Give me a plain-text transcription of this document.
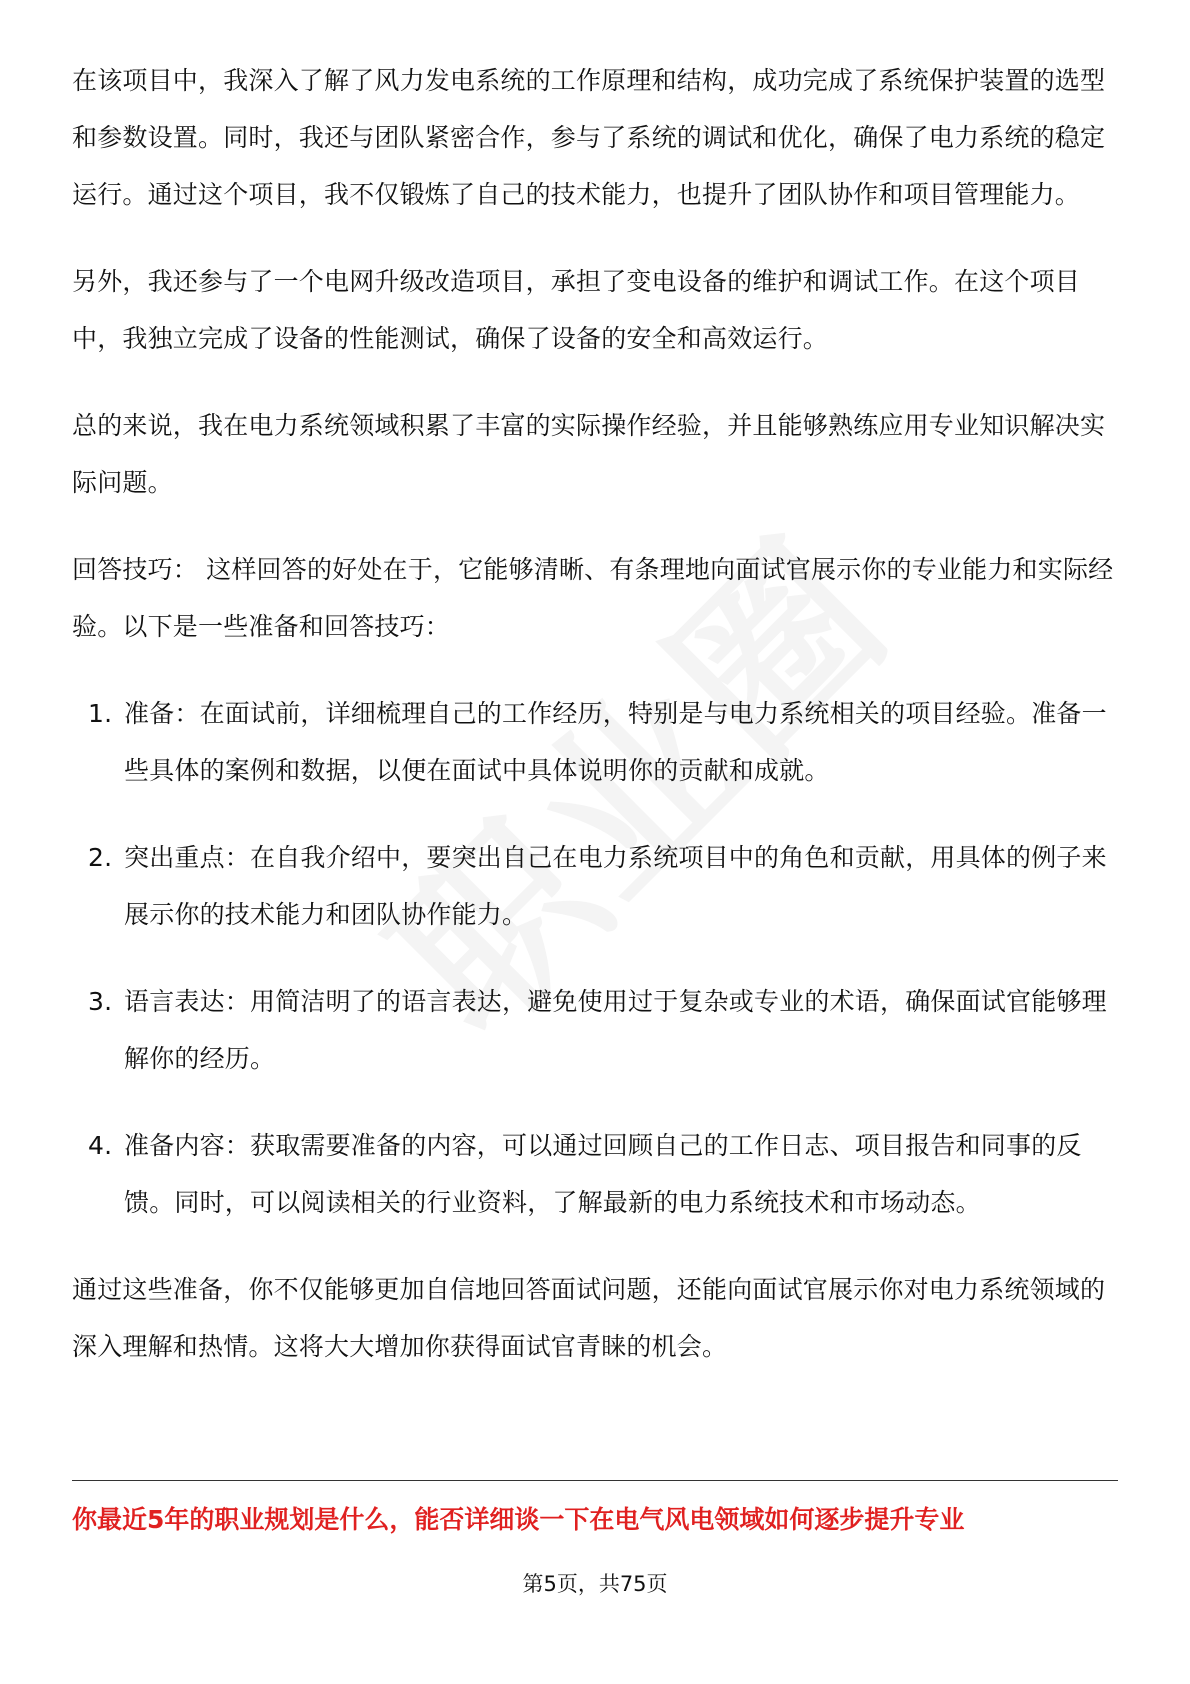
在该项目中，我深入了解了风力发电系统的工作原理和结构，成功完成了系统保护装置的选型和参数设置。同时，我还与团队紧密合作，参与了系统的调试和优化，确保了电力系统的稳定运行。通过这个项目，我不仅锻炼了自己的技术能力，也提升了团队协作和项目管理能力。

另外，我还参与了一个电网升级改造项目，承担了变电设备的维护和调试工作。在这个项目中，我独立完成了设备的性能测试，确保了设备的安全和高效运行。

总的来说，我在电力系统领域积累了丰富的实际操作经验，并且能够熟练应用专业知识解决实际问题。

回答技巧： 这样回答的好处在于，它能够清晰、有条理地向面试官展示你的专业能力和实际经验。以下是一些准备和回答技巧：

1. 准备：在面试前，详细梳理自己的工作经历，特别是与电力系统相关的项目经验。准备一些具体的案例和数据，以便在面试中具体说明你的贡献和成就。
2. 突出重点：在自我介绍中，要突出自己在电力系统项目中的角色和贡献，用具体的例子来展示你的技术能力和团队协作能力。
3. 语言表达：用简洁明了的语言表达，避免使用过于复杂或专业的术语，确保面试官能够理解你的经历。
4. 准备内容：获取需要准备的内容，可以通过回顾自己的工作日志、项目报告和同事的反馈。同时，可以阅读相关的行业资料，了解最新的电力系统技术和市场动态。

通过这些准备，你不仅能够更加自信地回答面试问题，还能向面试官展示你对电力系统领域的深入理解和热情。这将大大增加你获得面试官青睐的机会。

你最近5年的职业规划是什么，能否详细谈一下在电气风电领域如何逐步提升专业
第5页，共75页
